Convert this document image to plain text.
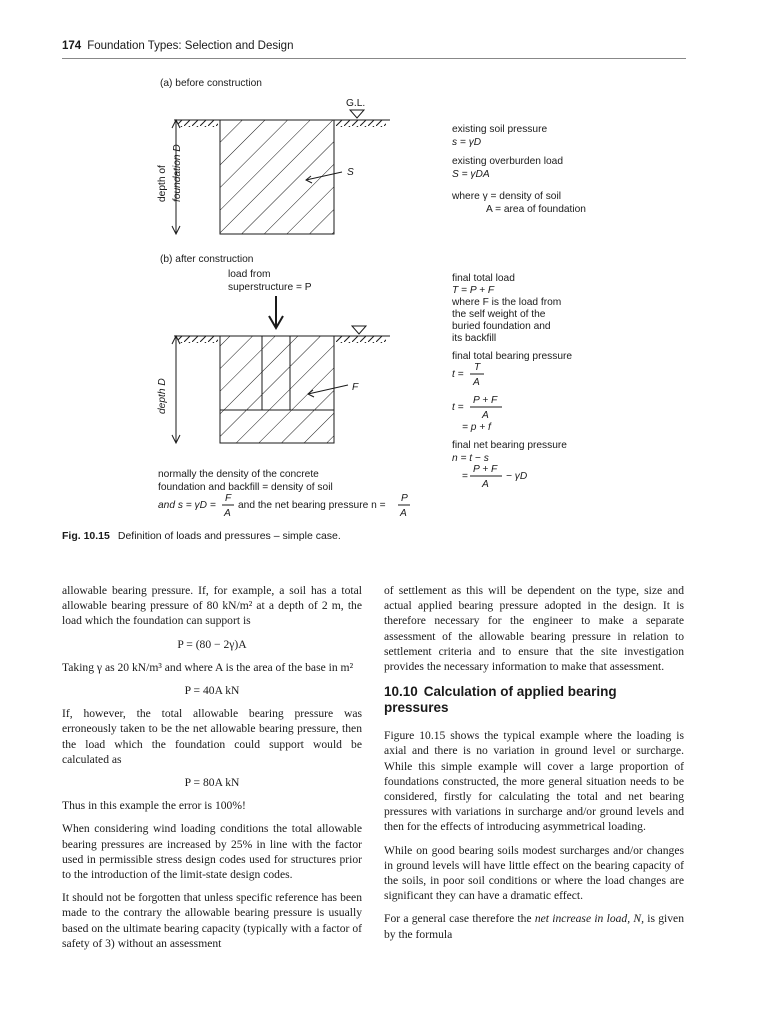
174 Foundation Types: Selection and Design
(a) before construction
G.L.
depth of foundation D	S
existing soil pressure
s = γD
existing overburden load
S = γDA
where γ = density of soil
A = area of foundation
(b) after construction
load from
superstructure = P
depth D	F
final total load
T = P + F
where F is the load from
the self weight of the
buried foundation and
its backfill
final total bearing pressure
T
t =
A
P + F
t =
A
= p + f
final net bearing pressure
n = t − s
P + F
=
A
− γD
normally the density of the concrete
foundation and backfill = density of soil
and s = γD =
F
A
and the net bearing pressure n =
P
A
Fig. 10.15 Definition of loads and pressures – simple case.

allowable bearing pressure. If, for example, a soil has a total allowable bearing pressure of 80 kN/m² at a depth of 2 m, the load which the foundation can support is

P = (80 − 2γ)A

Taking γ as 20 kN/m³ and where A is the area of the base in m²

P = 40A kN

If, however, the total allowable bearing pressure was erroneously taken to be the net allowable bearing pressure, then the load which the foundation could support would be calculated as

P = 80A kN

Thus in this example the error is 100%!

When considering wind loading conditions the total allowable bearing pressures are increased by 25% in line with the factor used in permissible stress design codes used for structures prior to the introduction of the limit-state design codes.

It should not be forgotten that unless specific reference has been made to the contrary the allowable bearing pressure is usually based on the ultimate bearing capacity (typically with a factor of safety of 3) without an assessment

of settlement as this will be dependent on the type, size and actual applied bearing pressure adopted in the design. It is therefore necessary for the engineer to make a separate assessment of the allowable bearing pressure in relation to settlement criteria and to ensure that the site investigation provides the necessary information to make that assessment.

10.10 Calculation of applied bearing pressures

Figure 10.15 shows the typical example where the loading is axial and there is no variation in ground level or surcharge. While this simple example will cover a large proportion of foundations constructed, the more general situation needs to be considered, firstly for calculating the total and net bearing pressures with variations in surcharge and/or ground levels and then for the effects of introducing asymmetrical loading.

While on good bearing soils modest surcharges and/or changes in ground levels will have little effect on the bearing capacity of the soils, in poor soil conditions or where the load changes are significant they can have a dramatic effect.

For a general case therefore the net increase in load, N, is given by the formula
